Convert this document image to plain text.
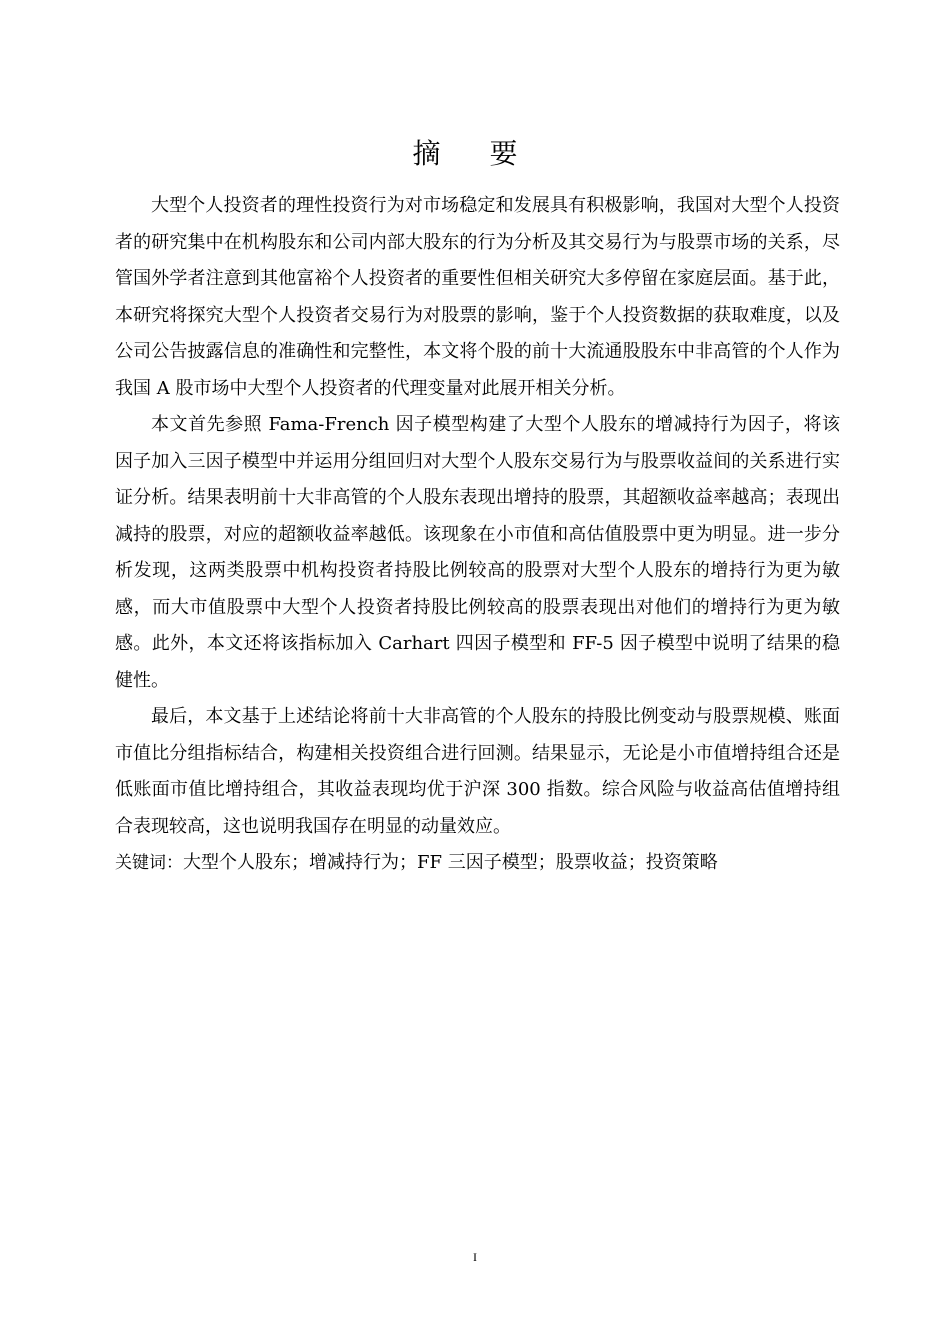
摘 要

大型个人投资者的理性投资行为对市场稳定和发展具有积极影响，我国对大型个人投资者的研究集中在机构股东和公司内部大股东的行为分析及其交易行为与股票市场的关系，尽管国外学者注意到其他富裕个人投资者的重要性但相关研究大多停留在家庭层面。基于此，本研究将探究大型个人投资者交易行为对股票的影响，鉴于个人投资数据的获取难度，以及公司公告披露信息的准确性和完整性，本文将个股的前十大流通股股东中非高管的个人作为我国 A 股市场中大型个人投资者的代理变量对此展开相关分析。

本文首先参照 Fama-French 因子模型构建了大型个人股东的增减持行为因子，将该因子加入三因子模型中并运用分组回归对大型个人股东交易行为与股票收益间的关系进行实证分析。结果表明前十大非高管的个人股东表现出增持的股票，其超额收益率越高；表现出减持的股票，对应的超额收益率越低。该现象在小市值和高估值股票中更为明显。进一步分析发现，这两类股票中机构投资者持股比例较高的股票对大型个人股东的增持行为更为敏感，而大市值股票中大型个人投资者持股比例较高的股票表现出对他们的增持行为更为敏感。此外，本文还将该指标加入 Carhart 四因子模型和 FF-5 因子模型中说明了结果的稳健性。

最后，本文基于上述结论将前十大非高管的个人股东的持股比例变动与股票规模、账面市值比分组指标结合，构建相关投资组合进行回测。结果显示，无论是小市值增持组合还是低账面市值比增持组合，其收益表现均优于沪深 300 指数。综合风险与收益高估值增持组合表现较高，这也说明我国存在明显的动量效应。

关键词：大型个人股东；增减持行为；FF 三因子模型；股票收益；投资策略

I
